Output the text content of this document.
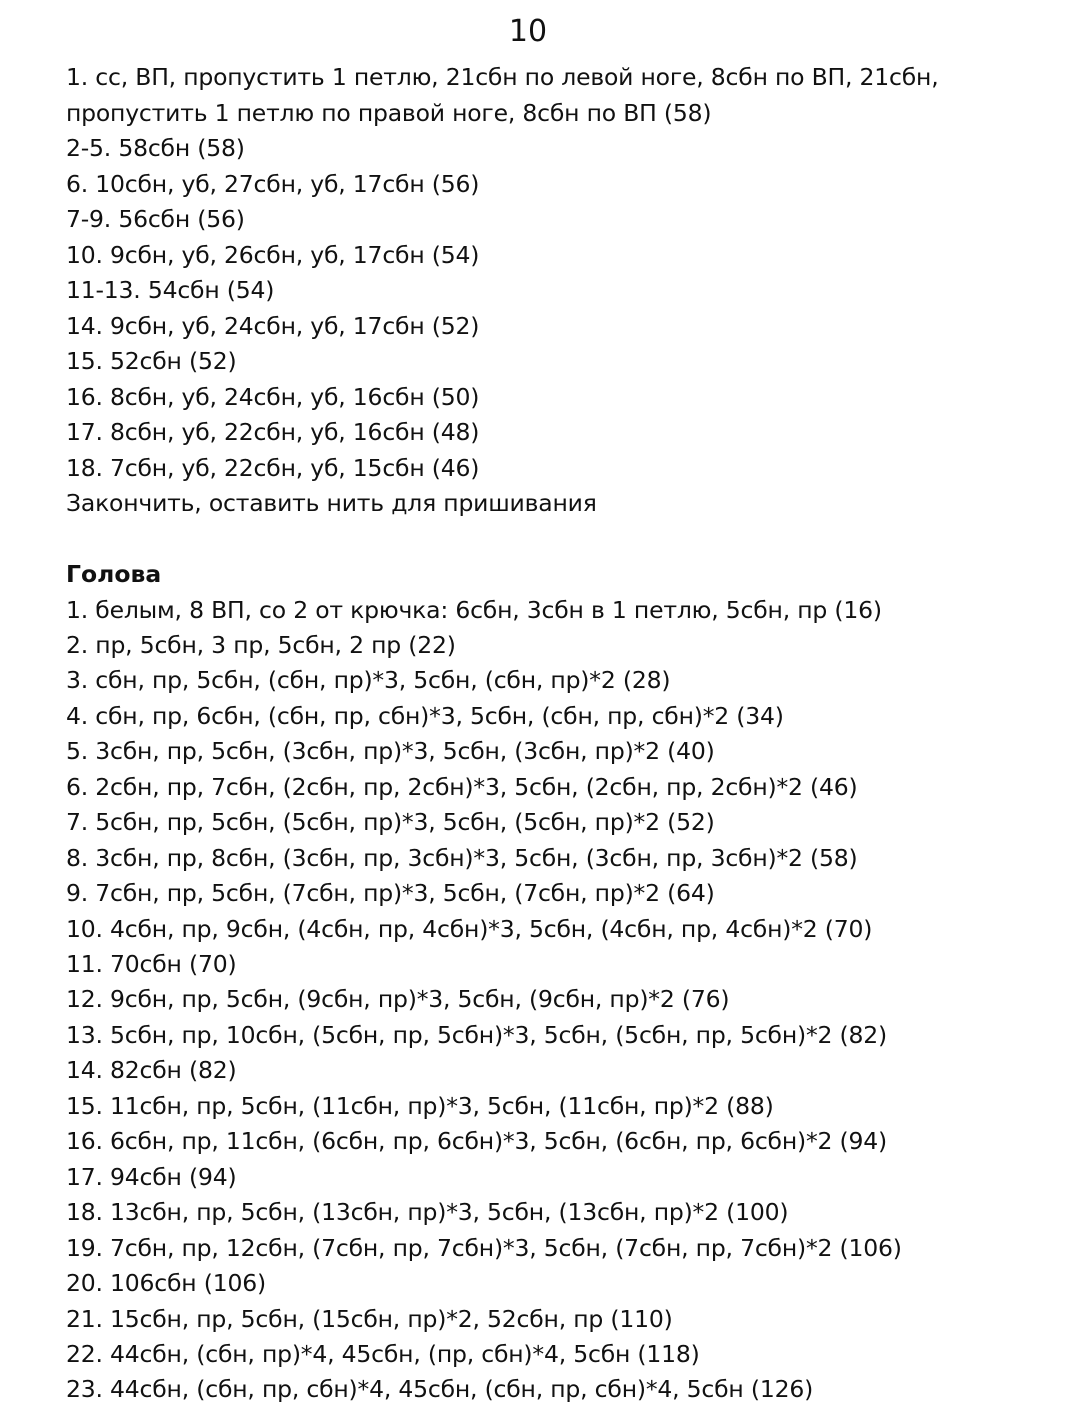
10
1. сс, ВП, пропустить 1 петлю, 21сбн по левой ноге, 8сбн по ВП, 21сбн,
пропустить 1 петлю по правой ноге, 8сбн по ВП (58)
2-5. 58сбн (58)
6. 10сбн, уб, 27сбн, уб, 17сбн (56)
7-9. 56сбн (56)
10. 9сбн, уб, 26сбн, уб, 17сбн (54)
11-13. 54сбн (54)
14. 9сбн, уб, 24сбн, уб, 17сбн (52)
15. 52сбн (52)
16. 8сбн, уб, 24сбн, уб, 16сбн (50)
17. 8сбн, уб, 22сбн, уб, 16сбн (48)
18. 7сбн, уб, 22сбн, уб, 15сбн (46)
Закончить, оставить нить для пришивания
Голова
1. белым, 8 ВП, со 2 от крючка: 6сбн, 3сбн в 1 петлю, 5сбн, пр (16)
2. пр, 5сбн, 3 пр, 5сбн, 2 пр (22)
3. сбн, пр, 5сбн, (сбн, пр)*3, 5сбн, (сбн, пр)*2 (28)
4. сбн, пр, 6сбн, (сбн, пр, сбн)*3, 5сбн, (сбн, пр, сбн)*2 (34)
5. 3сбн, пр, 5сбн, (3сбн, пр)*3, 5сбн, (3сбн, пр)*2 (40)
6. 2сбн, пр, 7сбн, (2сбн, пр, 2сбн)*3, 5сбн, (2сбн, пр, 2сбн)*2 (46)
7. 5сбн, пр, 5сбн, (5сбн, пр)*3, 5сбн, (5сбн, пр)*2 (52)
8. 3сбн, пр, 8сбн, (3сбн, пр, 3сбн)*3, 5сбн, (3сбн, пр, 3сбн)*2 (58)
9. 7сбн, пр, 5сбн, (7сбн, пр)*3, 5сбн, (7сбн, пр)*2 (64)
10. 4сбн, пр, 9сбн, (4сбн, пр, 4сбн)*3, 5сбн, (4сбн, пр, 4сбн)*2 (70)
11. 70сбн (70)
12. 9сбн, пр, 5сбн, (9сбн, пр)*3, 5сбн, (9сбн, пр)*2 (76)
13. 5сбн, пр, 10сбн, (5сбн, пр, 5сбн)*3, 5сбн, (5сбн, пр, 5сбн)*2 (82)
14. 82сбн (82)
15. 11сбн, пр, 5сбн, (11сбн, пр)*3, 5сбн, (11сбн, пр)*2 (88)
16. 6сбн, пр, 11сбн, (6сбн, пр, 6сбн)*3, 5сбн, (6сбн, пр, 6сбн)*2 (94)
17. 94сбн (94)
18. 13сбн, пр, 5сбн, (13сбн, пр)*3, 5сбн, (13сбн, пр)*2 (100)
19. 7сбн, пр, 12сбн, (7сбн, пр, 7сбн)*3, 5сбн, (7сбн, пр, 7сбн)*2 (106)
20. 106сбн (106)
21. 15сбн, пр, 5сбн, (15сбн, пр)*2, 52сбн, пр (110)
22. 44сбн, (сбн, пр)*4, 45сбн, (пр, сбн)*4, 5сбн (118)
23. 44сбн, (сбн, пр, сбн)*4, 45сбн, (сбн, пр, сбн)*4, 5сбн (126)
